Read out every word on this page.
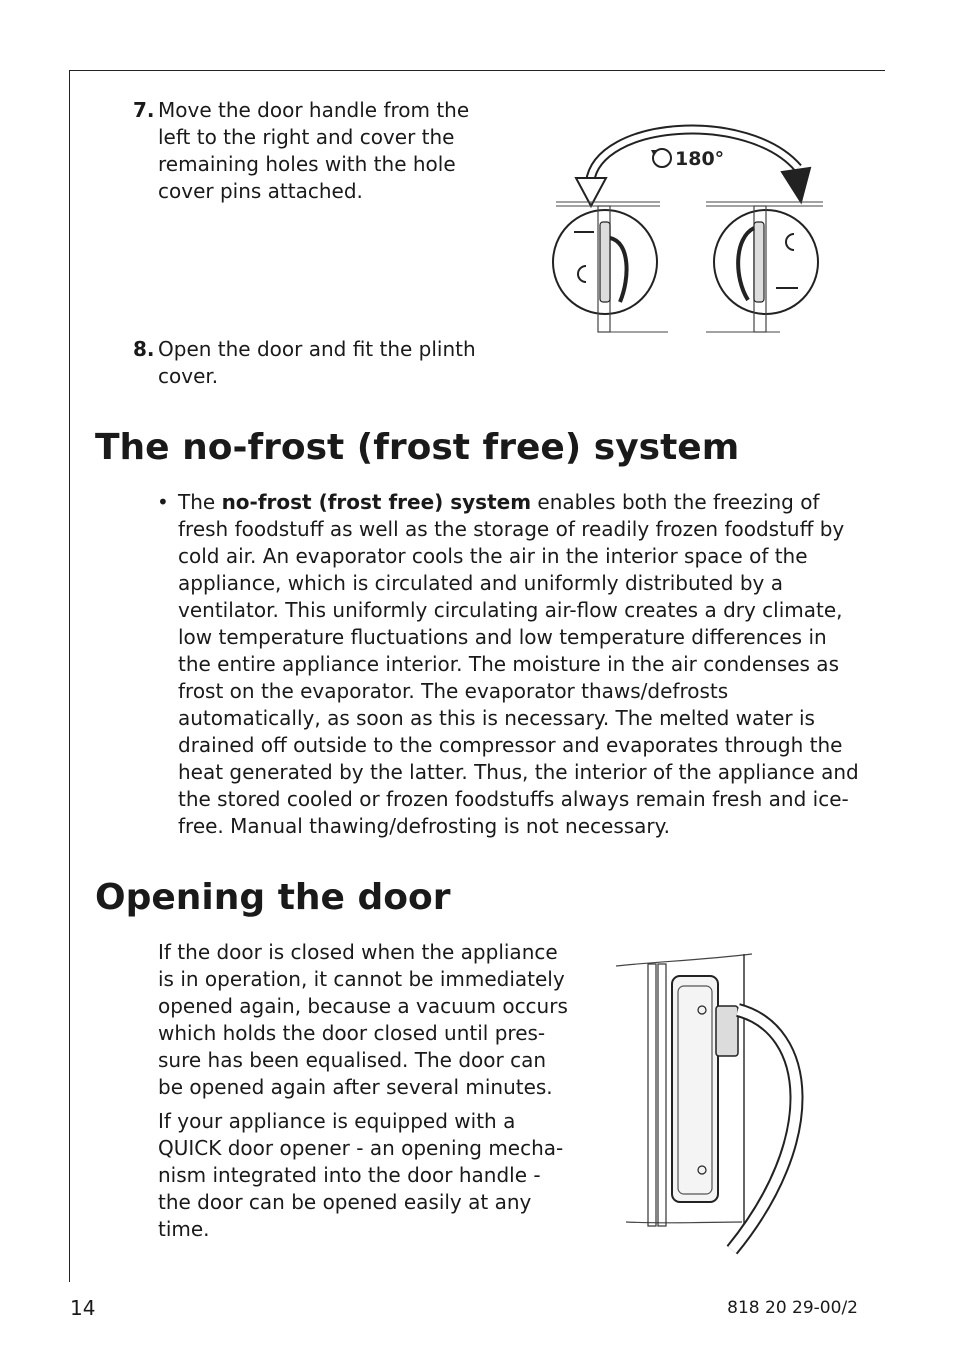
7. Move the door handle from the left to the right and cover the remaining holes with the hole cover pins attached.
180°
8. Open the door and fit the plinth cover.
The no-frost (frost free) system
• The no-frost (frost free) system enables both the freezing of fresh foodstuff as well as the storage of readily frozen foodstuff by cold air. An evaporator cools the air in the interior space of the appliance, which is circulated and uniformly distributed by a ventilator. This uniformly circulating air-flow creates a dry climate, low temperature fluctuations and low temperature differences in the entire appliance interior. The moisture in the air condenses as frost on the evaporator. The evaporator thaws/defrosts automatically, as soon as this is necessary. The melted water is drained off outside to the compressor and evaporates through the heat generated by the latter. Thus, the interior of the appliance and the stored cooled or frozen foodstuffs always remain fresh and ice-free. Manual thawing/defrosting is not necessary.
Opening the door

If the door is closed when the appliance is in operation, it cannot be immediately opened again, because a vacuum occurs which holds the door closed until pres-sure has been equalised. The door can be opened again after several minutes.

If your appliance is equipped with a QUICK door opener - an opening mecha-nism integrated into the door handle - the door can be opened easily at any time.

14	818 20 29-00/2
